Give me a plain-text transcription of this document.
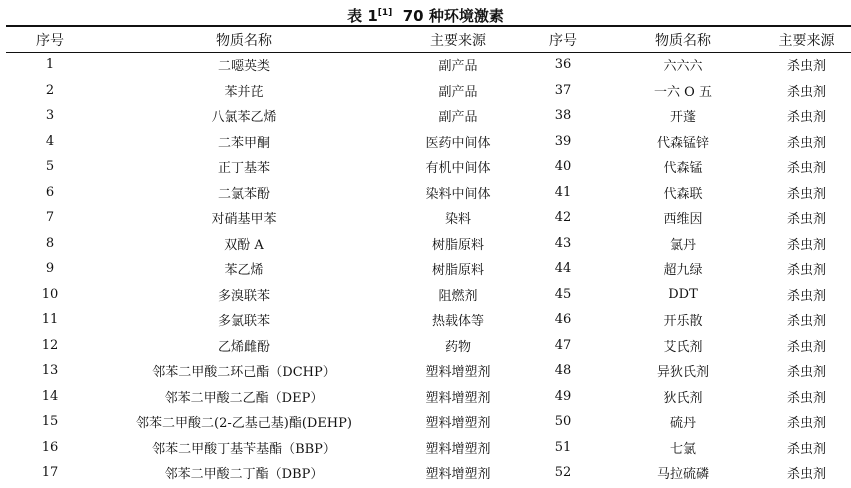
表 1[1] 70 种环境激素
序号	物质名称	主要来源	序号	物质名称	主要来源
1	二噁英类	副产品	36	六六六	杀虫剂
2	苯并芘	副产品	37	一六 O 五	杀虫剂
3	八氯苯乙烯	副产品	38	开蓬	杀虫剂
4	二苯甲酮	医药中间体	39	代森锰锌	杀虫剂
5	正丁基苯	有机中间体	40	代森锰	杀虫剂
6	二氯苯酚	染料中间体	41	代森联	杀虫剂
7	对硝基甲苯	染料	42	西维因	杀虫剂
8	双酚 A	树脂原料	43	氯丹	杀虫剂
9	苯乙烯	树脂原料	44	超九绿	杀虫剂
10	多溴联苯	阻燃剂	45	DDT	杀虫剂
11	多氯联苯	热载体等	46	开乐散	杀虫剂
12	乙烯雌酚	药物	47	艾氏剂	杀虫剂
13	邻苯二甲酸二环己酯（DCHP）	塑料增塑剂	48	异狄氏剂	杀虫剂
14	邻苯二甲酸二乙酯（DEP）	塑料增塑剂	49	狄氏剂	杀虫剂
15	邻苯二甲酸二(2-乙基己基)酯(DEHP)	塑料增塑剂	50	硫丹	杀虫剂
16	邻苯二甲酸丁基苄基酯（BBP）	塑料增塑剂	51	七氯	杀虫剂
17	邻苯二甲酸二丁酯（DBP）	塑料增塑剂	52	马拉硫磷	杀虫剂
